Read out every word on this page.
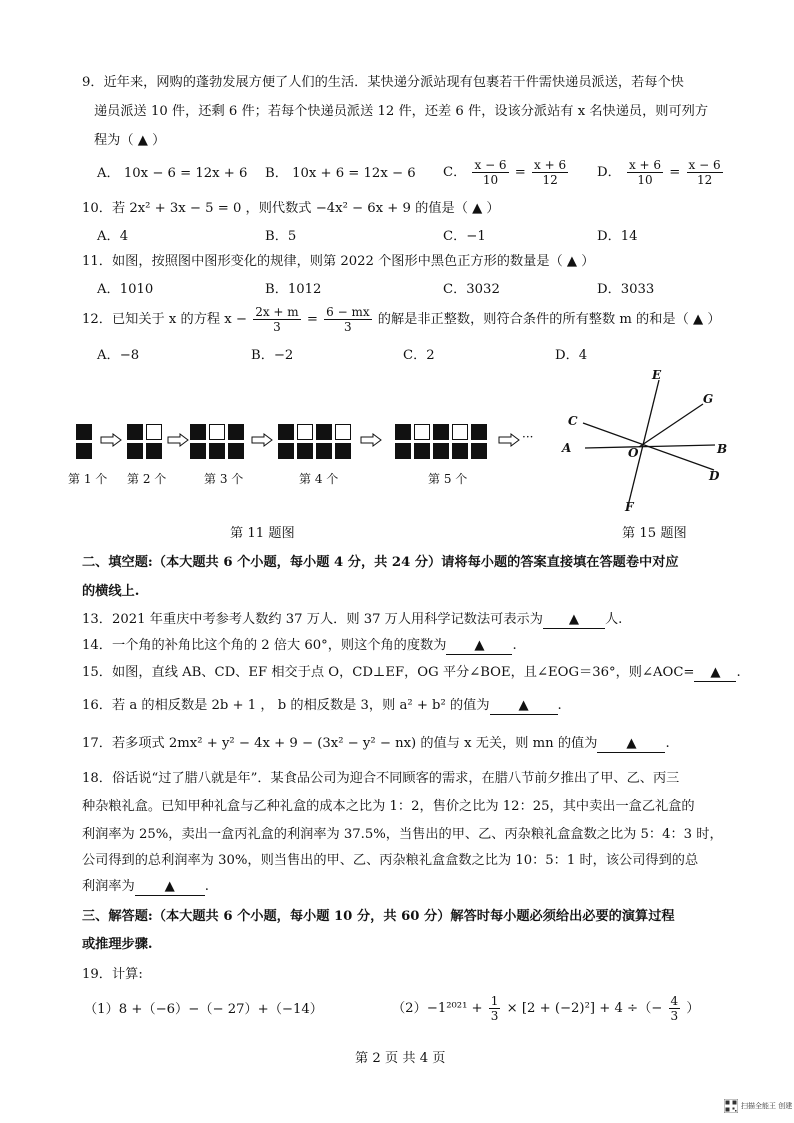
9．近年来，网购的蓬勃发展方便了人们的生活．某快递分派站现有包裹若干件需快递员派送，若每个快
递员派送 10 件，还剩 6 件；若每个快递员派送 12 件，还差 6 件，设该分派站有 x 名快递员，则可列方
程为（ ▲ ）
A． 10x − 6 = 12x + 6 B． 10x + 6 = 12x − 6 C． $\frac{x - 6}{10} = \frac{x + 6}{12}$ D． $\frac{x + 6}{10} = \frac{x - 6}{12}$
10．若 2x² + 3x − 5 = 0 ，则代数式 −4x² − 6x + 9 的值是（ ▲ ）
A．4	B．5	C．−1	D．14
11．如图，按照图中图形变化的规律，则第 2022 个图形中黑色正方形的数量是（ ▲ ）
A．1010	B．1012	C．3032	D．3033
12．已知关于 x 的方程 $x - \frac{2x + m}{3} = \frac{6 - mx}{3}$ 的解是非正整数，则符合条件的所有整数 m 的和是（ ▲ ）
A．−8	B．−2	C．2	D．4
···
第 1 个 第 2 个	第 3 个	第 4 个	第 5 个
第 11 题图
E
G
C
A	O	B
D
F
第 15 题图
二、填空题:（本大题共 6 个小题，每小题 4 分，共 24 分）请将每小题的答案直接填在答题卷中对应
的横线上.
13．2021 年重庆中考参考人数约 37 万人．则 37 万人用科学记数法可表示为 ▲ 人.
14．一个角的补角比这个角的 2 倍大 60°，则这个角的度数为 ▲ .
15．如图，直线 AB、CD、EF 相交于点 O，CD⊥EF，OG 平分∠BOE，且∠EOG＝36°，则∠AOC= ▲ .
16．若 a 的相反数是 2b + 1 ， b 的相反数是 3，则 a² + b² 的值为 ▲ .
17．若多项式 2mx² + y² − 4x + 9 − (3x² − y² − nx) 的值与 x 无关，则 mn 的值为 ▲ .
18．俗话说“过了腊八就是年”．某食品公司为迎合不同顾客的需求，在腊八节前夕推出了甲、乙、丙三
种杂粮礼盒。已知甲种礼盒与乙种礼盒的成本之比为 1：2，售价之比为 12：25，其中卖出一盒乙礼盒的
利润率为 25%，卖出一盒丙礼盒的利润率为 37.5%，当售出的甲、乙、丙杂粮礼盒盒数之比为 5：4：3 时，
公司得到的总利润率为 30%，则当售出的甲、乙、丙杂粮礼盒盒数之比为 10：5：1 时，该公司得到的总
利润率为 ▲ .
三、解答题:（本大题共 6 个小题，每小题 10 分，共 60 分）解答时每小题必须给出必要的演算过程
或推理步骤.
19．计算:
（1）8 +（−6）−（− 27）+（−14）	$(2)-1^{2021} + \frac{1}{3} \times [2 + (-2)^2] + 4$ ÷（− $\frac{4}{3}$ ）
第 2 页 共 4 页
扫描全能王 创建
